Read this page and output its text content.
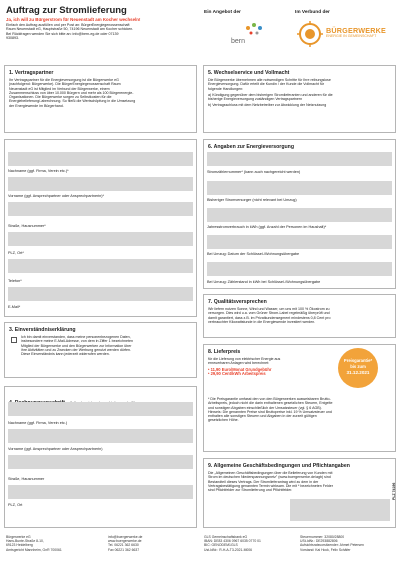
Auftrag zur Stromlieferung
Ja, ich will zu Bürgerstrom für Neuenstadt am Kocher wechseln!
Einfach den Auftrag ausfüllen und per Post an: BürgerEnergiegenossenschaft
Raum Neuenstadt eG, Hauptstraße 50, 74196 Neuenstadt am Kocher schicken.
Bei Rückfragen wenden Sie sich bitte an: info@bern-eg.de oder 07139
930893.
Ein Angebot der	Im Verbund der
bern
BÜRGERWERKE
ENERGIE IN GEMEINSCHAFT
1. Vertragspartner
Ihr Vertragspartner für die Energieversorgung ist die Bürgerwerke eG
(nachfolgend: Bürgerwerke). Die BürgerEnergiegenossenschaft Raum
Neuenstadt eG ist Mitglied im Verbund der Bürgerwerke, einem
Zusammenschluss von über 10.000 Bürgern und mehr als 100 Bürgerenergie-
Organisationen. Die Bürgerwerke sorgen zu Selbstkosten für die
Energiebelieferung/-abrechnung. So fließt die Wertschöpfung in die Umsetzung
der Energiewende im Bürgerhand.
5. Wechselservice und Vollmacht
Die Bürgerwerke übernehmen alle notwendigen Schritte für Ihre reibungslose
Energieversorgung. Dafür erteilt die Kundin / der Kunde die Vollmacht für
folgende Handlungen:
a) Kündigung gegenüber dem bisherigen Stromlieferanten und anderen für die
bisherige Energieversorgung zuständigen Vertragspartnern
b) Vertragsschluss mit dem Netzbetreiber zur Abwicklung der Netznutzung
Nachname (ggf. Firma, Verein etc.)*
Vorname (ggf. Ansprechpartner oder Ansprechpartnerin)*
Straße, Hausnummer*
PLZ, Ort*
Telefon*
E-Mail*
6. Angaben zur Energieversorgung
Stromzählernummer* (kann auch nachgereicht werden)
Bisheriger Stromversorger (nicht relevant bei Umzug)
Jahresstromverbrauch in kWh (ggf. Anzahl der Personen im Haushalt)*
Bei Umzug: Datum der Schlüssel-/Wohnungsübergabe
Bei Umzug: Zählerstand in kWh bei Schlüssel-/Wohnungsübergabe
7. Qualitätsversprechen
Wir liefern nutzen Sonne, Wind und Wasser, um uns mit 100 % Ökostrom zu
versorgen. Dies wird u.a. vom Grüner Strom-Label regelmäßig überprüft und
damit garantiert, dass z.B. im Privatkundensegment mindestens 0,8 Cent pro
verbrauchter Kilowattstunde in die Energiewende investiert werden.
3. Einverständniserklärung
Ich bin damit einverstanden, dass meine personenbezogenen Daten,
insbesondere meine E-Mail-Adresse, von dem in Ziffer 1 bezeichneten
Mitglied der Bürgerwerke und den Bürgerwerken zur Information über
ihre Aktivitäten und zu Zwecken der Werbung genutzt werden dürfen.
Diese Einverständnis kann jederzeit widerrufen werden.	8. Lieferpreis
für die Lieferung von elektrischer Energie aus
erneuerbaren Anlagen wird berechnet:
• 11,90 Euro/Monat Grundgebühr
• 29,90 Cent/kWh Arbeitspreis
* Die Preisgarantie umfasst den von den Bürgerwerken ausweisbaren Brutto-
Arbeitspreis, jedoch nicht die darin enthaltenen gesetzlichen Steuern, Entgelte
und sonstigen Abgaben einschließlich der Umsatzsteuer (vgl. § 6 AGB).
Hinweis: Die genannten Preise sind Bruttopreise inkl. 19 % Umsatzsteuer und
enthalten alle sonstigen Steuern und Abgaben in der zurzeit gültigen
gesetzlichen Höhe.
Preisgarantie*
bis zum
31.12.2021
Nachname (ggf. Firma, Verein etc.)
Vorname (ggf. Ansprechpartner oder Ansprechpartnerin)
Straße, Hausnummer
PLZ, Ort
9. Allgemeine Geschäftsbedingungen und Pflichtangaben
Die „Allgemeinen Geschäftsbedingungen über die Belieferung von Kunden mit
Strom im deutschen Niederspannungsnetz" (www.buergerwerke.de/agb) sind
Bestandteil dieses Vertrags. Der Stromlieferantrag wird zu dem in der
Vertragsbestätigung genannten Termin wirksam. Die mit * bezeichneten Felder
sind Pflichtfelder zur Stromlieferung und Pflichtfelder.	PLZ 74196
Bürgerwerke eG
Hans-Bunte-Straße 8-10,
69123 Heidelberg
Amtsgericht Mannheim, GnR 700061
info@buergerwerke.de
www.buergerwerke.de
Tel. 06221 362 6630
Fax 06221 362 6637
GLS Gemeinschaftsbank eG
IBAN: DE83 4306 0967 6035 0770 01
BIC: GENODEM1GLS
Ust-IdNr.: R-H-A-T3-2021-M006
Steuernummer: 32080/28800
USt-IdNr.: DE293882806
Aufsichtsratsvorsitzender: Ahmet Petersen
Vorstand: Kai Hock, Felix Schäfer
